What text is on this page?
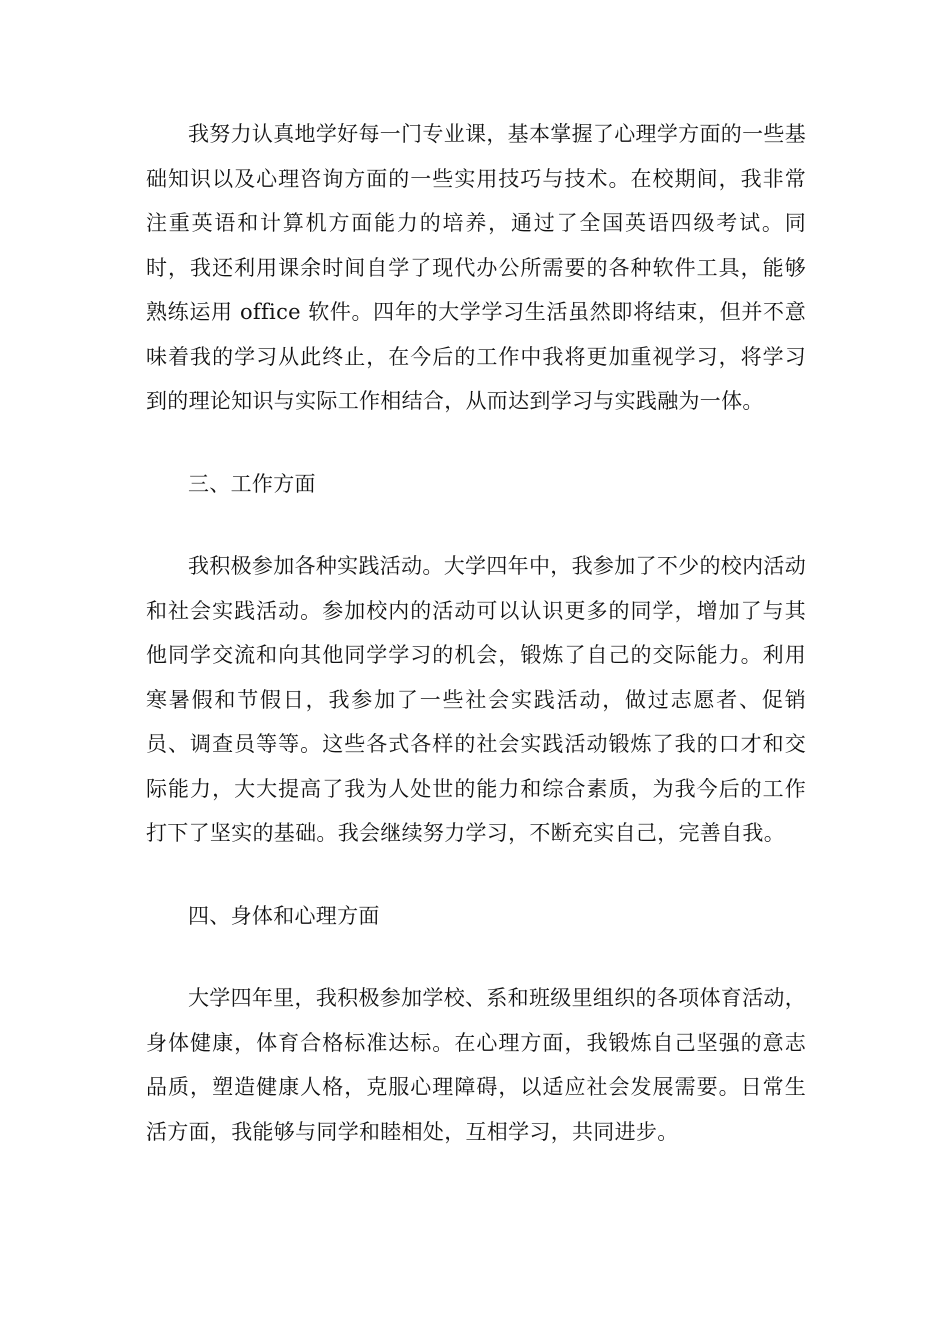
我努力认真地学好每一门专业课，基本掌握了心理学方面的一些基础知识以及心理咨询方面的一些实用技巧与技术。在校期间，我非常注重英语和计算机方面能力的培养，通过了全国英语四级考试。同时，我还利用课余时间自学了现代办公所需要的各种软件工具，能够熟练运用 office 软件。四年的大学学习生活虽然即将结束，但并不意味着我的学习从此终止，在今后的工作中我将更加重视学习，将学习到的理论知识与实际工作相结合，从而达到学习与实践融为一体。

三、工作方面

我积极参加各种实践活动。大学四年中，我参加了不少的校内活动和社会实践活动。参加校内的活动可以认识更多的同学，增加了与其他同学交流和向其他同学学习的机会，锻炼了自己的交际能力。利用寒暑假和节假日，我参加了一些社会实践活动，做过志愿者、促销员、调查员等等。这些各式各样的社会实践活动锻炼了我的口才和交际能力，大大提高了我为人处世的能力和综合素质，为我今后的工作打下了坚实的基础。我会继续努力学习，不断充实自己，完善自我。

四、身体和心理方面

大学四年里，我积极参加学校、系和班级里组织的各项体育活动，身体健康，体育合格标准达标。在心理方面，我锻炼自己坚强的意志品质，塑造健康人格，克服心理障碍，以适应社会发展需要。日常生活方面，我能够与同学和睦相处，互相学习，共同进步。
